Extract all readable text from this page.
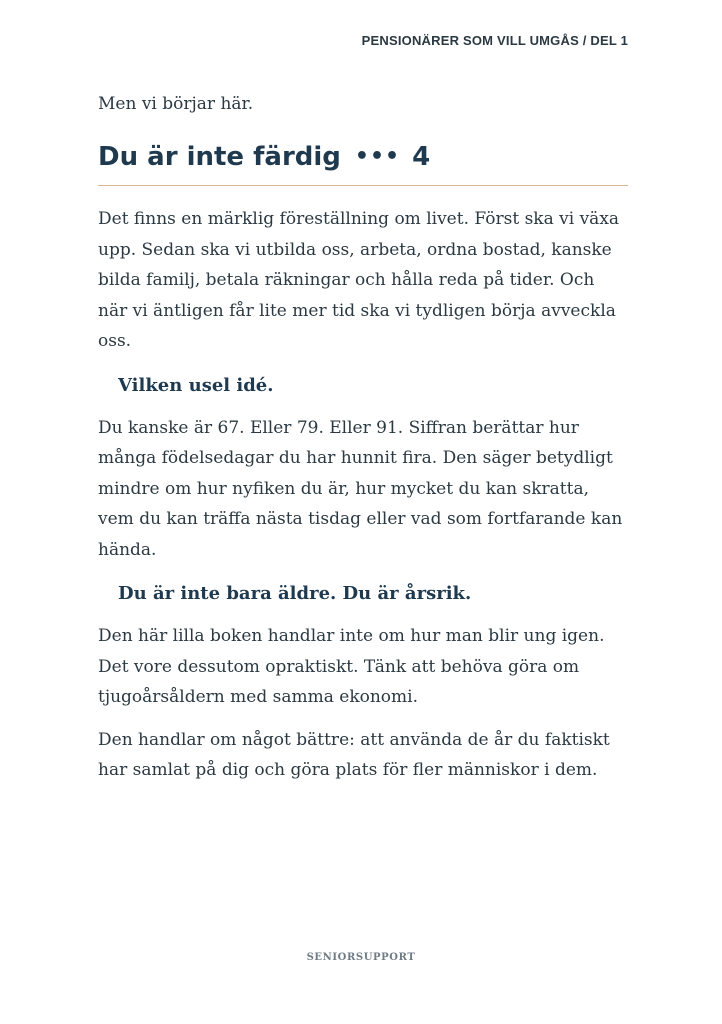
PENSIONÄRER SOM VILL UMGÅS / DEL 1

Men vi börjar här.

Du är inte färdig ••• 4

Det finns en märklig föreställning om livet. Först ska vi växa upp. Sedan ska vi utbilda oss, arbeta, ordna bostad, kanske bilda familj, betala räkningar och hålla reda på tider. Och när vi äntligen får lite mer tid ska vi tydligen börja avveckla oss.

Vilken usel idé.

Du kanske är 67. Eller 79. Eller 91. Siffran berättar hur många födelsedagar du har hunnit fira. Den säger betydligt mindre om hur nyfiken du är, hur mycket du kan skratta, vem du kan träffa nästa tisdag eller vad som fortfarande kan hända.

Du är inte bara äldre. Du är årsrik.

Den här lilla boken handlar inte om hur man blir ung igen. Det vore dessutom opraktiskt. Tänk att behöva göra om tjugoårsåldern med samma ekonomi.

Den handlar om något bättre: att använda de år du faktiskt har samlat på dig och göra plats för fler människor i dem.

SENIORSUPPORT
